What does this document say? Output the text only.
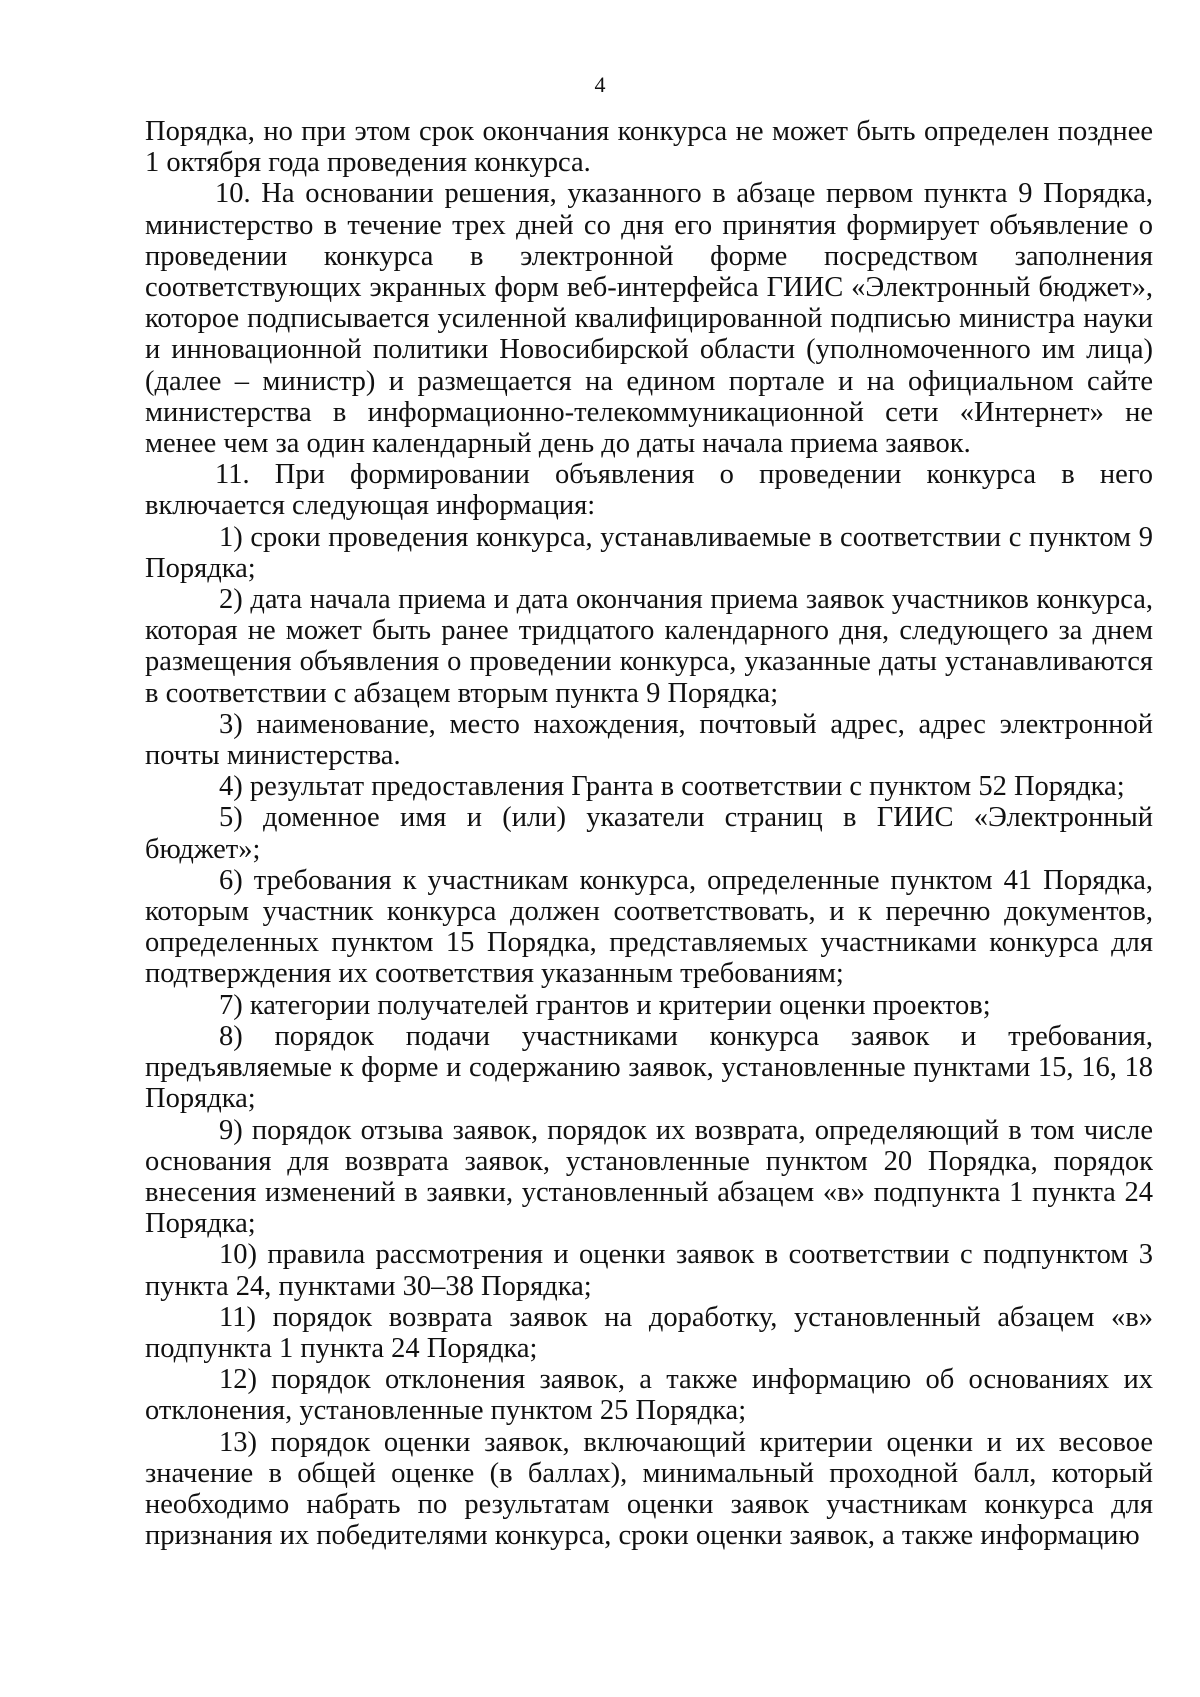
4

Порядка, но при этом срок окончания конкурса не может быть определен позднее 1 октября года проведения конкурса.

10. На основании решения, указанного в абзаце первом пункта 9 Порядка, министерство в течение трех дней со дня его принятия формирует объявление о проведении конкурса в электронной форме посредством заполнения соответствующих экранных форм веб-интерфейса ГИИС «Электронный бюджет», которое подписывается усиленной квалифицированной подписью министра науки и инновационной политики Новосибирской области (уполномоченного им лица) (далее – министр) и размещается на едином портале и на официальном сайте министерства в информационно-телекоммуникационной сети «Интернет» не менее чем за один календарный день до даты начала приема заявок.

11. При формировании объявления о проведении конкурса в него включается следующая информация:

1) сроки проведения конкурса, устанавливаемые в соответствии с пунктом 9 Порядка;

2) дата начала приема и дата окончания приема заявок участников конкурса, которая не может быть ранее тридцатого календарного дня, следующего за днем размещения объявления о проведении конкурса, указанные даты устанавливаются в соответствии с абзацем вторым пункта 9 Порядка;

3) наименование, место нахождения, почтовый адрес, адрес электронной почты министерства.

4) результат предоставления Гранта в соответствии с пунктом 52 Порядка;

5) доменное имя и (или) указатели страниц в ГИИС «Электронный бюджет»;

6) требования к участникам конкурса, определенные пунктом 41 Порядка, которым участник конкурса должен соответствовать, и к перечню документов, определенных пунктом 15 Порядка, представляемых участниками конкурса для подтверждения их соответствия указанным требованиям;

7) категории получателей грантов и критерии оценки проектов;

8) порядок подачи участниками конкурса заявок и требования, предъявляемые к форме и содержанию заявок, установленные пунктами 15, 16, 18 Порядка;

9) порядок отзыва заявок, порядок их возврата, определяющий в том числе основания для возврата заявок, установленные пунктом 20 Порядка, порядок внесения изменений в заявки, установленный абзацем «в» подпункта 1 пункта 24 Порядка;

10) правила рассмотрения и оценки заявок в соответствии с подпунктом 3 пункта 24, пунктами 30–38 Порядка;

11) порядок возврата заявок на доработку, установленный абзацем «в» подпункта 1 пункта 24 Порядка;

12) порядок отклонения заявок, а также информацию об основаниях их отклонения, установленные пунктом 25 Порядка;

13) порядок оценки заявок, включающий критерии оценки и их весовое значение в общей оценке (в баллах), минимальный проходной балл, который необходимо набрать по результатам оценки заявок участникам конкурса для признания их победителями конкурса, сроки оценки заявок, а также информацию
